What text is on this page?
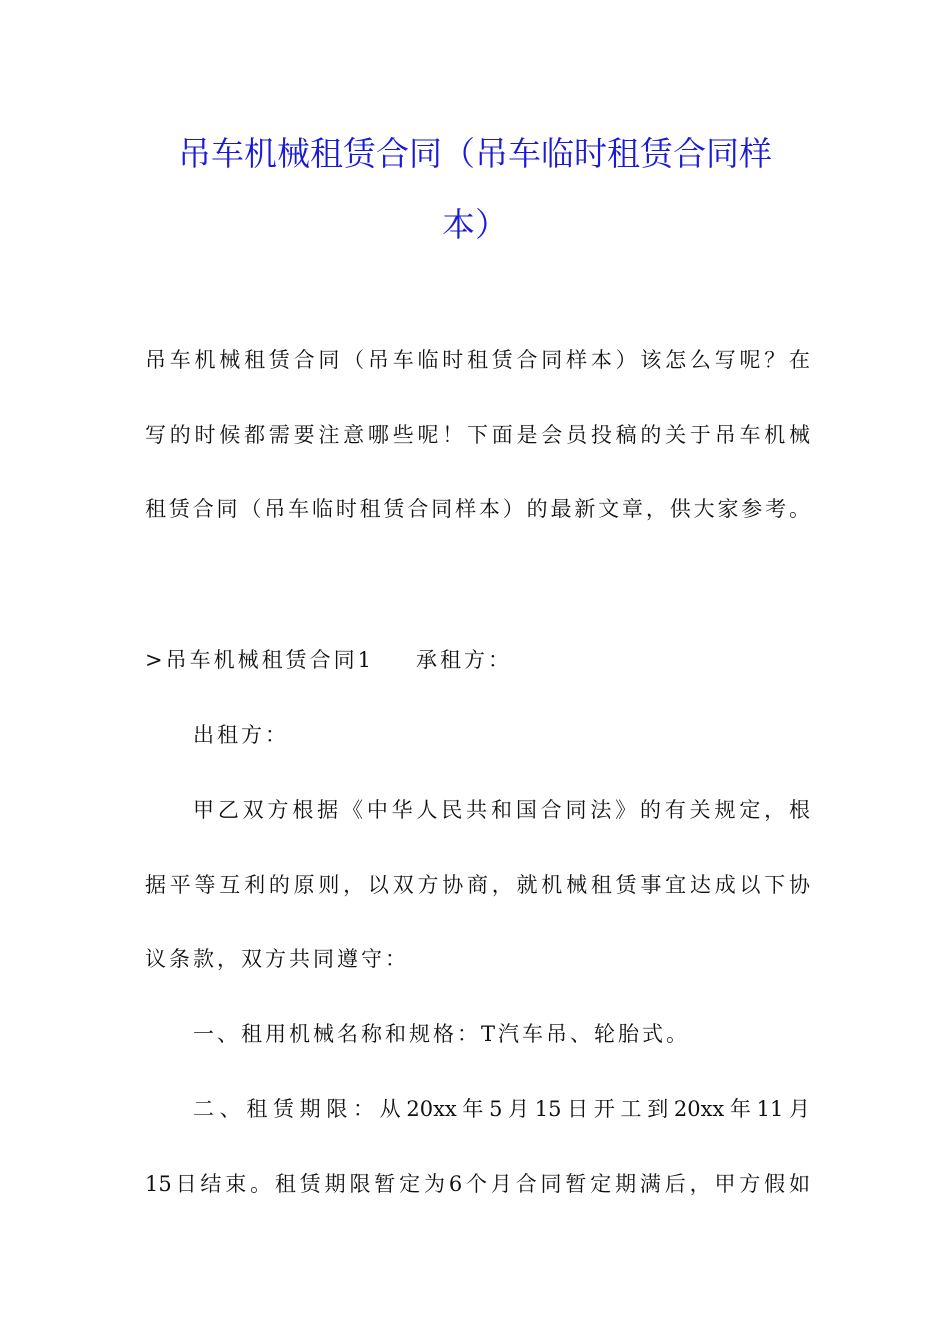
吊车机械租赁合同（吊车临时租赁合同样
本）
吊车机械租赁合同（吊车临时租赁合同样本）该怎么写呢？在
写的时候都需要注意哪些呢！下面是会员投稿的关于吊车机械
租赁合同（吊车临时租赁合同样本）的最新文章，供大家参考。
>吊车机械租赁合同1 承租方：
出租方：
甲乙双方根据《中华人民共和国合同法》的有关规定，根
据平等互利的原则，以双方协商，就机械租赁事宜达成以下协
议条款，双方共同遵守：
一、租用机械名称和规格：T汽车吊、轮胎式。
二、租赁期限：从20xx年5月15日开工到20xx年11月
15日结束。租赁期限暂定为6个月合同暂定期满后，甲方假如
